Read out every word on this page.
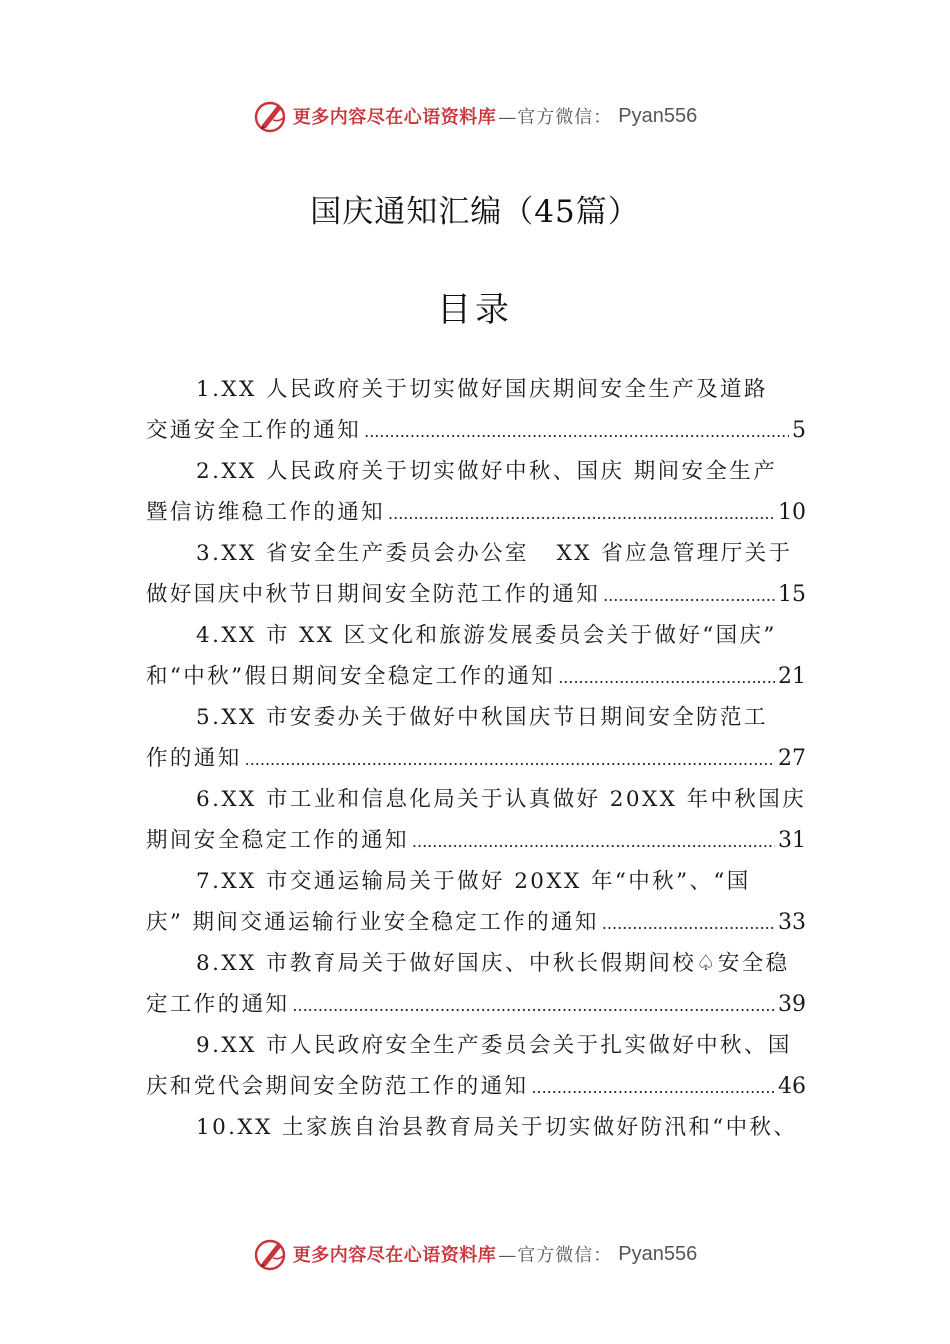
更多内容尽在心语资料库 —官方微信： Pyan556
国庆通知汇编（45篇）
目录
1.XX 人民政府关于切实做好国庆期间安全生产及道路
交通安全工作的通知 .....	5
2.XX 人民政府关于切实做好中秋、国庆 期间安全生产
暨信访维稳工作的通知 .....	10
3.XX 省安全生产委员会办公室   XX 省应急管理厅关于
做好国庆中秋节日期间安全防范工作的通知 .....	15
4.XX 市 XX 区文化和旅游发展委员会关于做好“国庆”
和“中秋”假日期间安全稳定工作的通知 .....	21
5.XX 市安委办关于做好中秋国庆节日期间安全防范工
作的通知 .....	27
6.XX 市工业和信息化局关于认真做好 20XX 年中秋国庆
期间安全稳定工作的通知 .....	31
7.XX 市交通运输局关于做好 20XX 年“中秋”、“国
庆” 期间交通运输行业安全稳定工作的通知 .....	33
8.XX 市教育局关于做好国庆、中秋长假期间校♤安全稳
定工作的通知 .....	39
9.XX 市人民政府安全生产委员会关于扎实做好中秋、国
庆和党代会期间安全防范工作的通知 .....	46
10.XX 土家族自治县教育局关于切实做好防汛和“中秋、
更多内容尽在心语资料库 —官方微信： Pyan556
